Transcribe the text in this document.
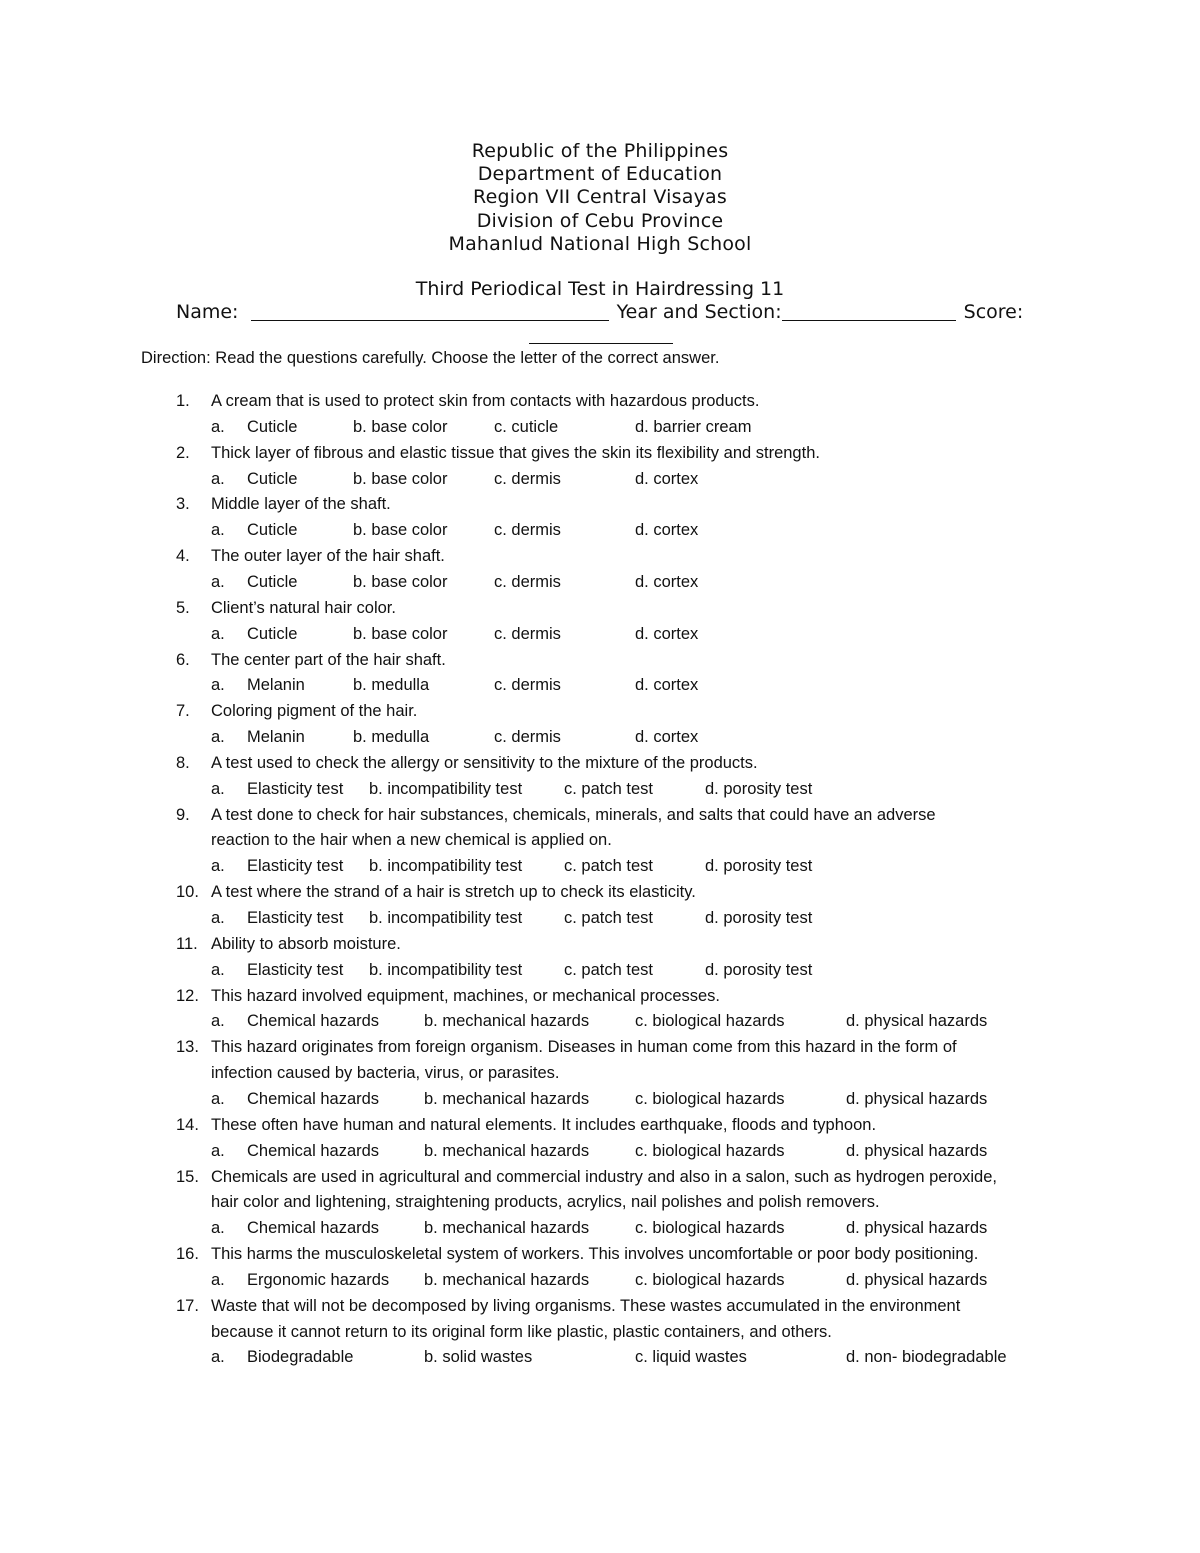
Republic of the Philippines
Department of Education
Region VII Central Visayas
Division of Cebu Province
Mahanlud National High School
Third Periodical Test in Hairdressing 11
Name:	Year and Section:	Score:
Direction: Read the questions carefully. Choose the letter of the correct answer.
1. A cream that is used to protect skin from contacts with hazardous products.
a. Cuticle	b. base color	c. cuticle	d. barrier cream
2. Thick layer of fibrous and elastic tissue that gives the skin its flexibility and strength.
a. Cuticle	b. base color	c. dermis	d. cortex
3. Middle layer of the shaft.
a. Cuticle	b. base color	c. dermis	d. cortex
4. The outer layer of the hair shaft.
a. Cuticle	b. base color	c. dermis	d. cortex
5. Client’s natural hair color.
a. Cuticle	b. base color	c. dermis	d. cortex
6. The center part of the hair shaft.
a. Melanin	b. medulla	c. dermis	d. cortex
7. Coloring pigment of the hair.
a. Melanin	b. medulla	c. dermis	d. cortex
8. A test used to check the allergy or sensitivity to the mixture of the products.
a. Elasticity test b. incompatibility test	c. patch test	d. porosity test
9. A test done to check for hair substances, chemicals, minerals, and salts that could have an adverse
reaction to the hair when a new chemical is applied on.
a. Elasticity test b. incompatibility test	c. patch test	d. porosity test
10. A test where the strand of a hair is stretch up to check its elasticity.
a. Elasticity test b. incompatibility test	c. patch test	d. porosity test
11. Ability to absorb moisture.
a. Elasticity test b. incompatibility test	c. patch test	d. porosity test
12. This hazard involved equipment, machines, or mechanical processes.
a. Chemical hazards	b. mechanical hazards	c. biological hazards	d. physical hazards
13. This hazard originates from foreign organism. Diseases in human come from this hazard in the form of
infection caused by bacteria, virus, or parasites.
a. Chemical hazards	b. mechanical hazards	c. biological hazards	d. physical hazards
14. These often have human and natural elements. It includes earthquake, floods and typhoon.
a. Chemical hazards	b. mechanical hazards	c. biological hazards	d. physical hazards
15. Chemicals are used in agricultural and commercial industry and also in a salon, such as hydrogen peroxide,
hair color and lightening, straightening products, acrylics, nail polishes and polish removers.
a. Chemical hazards	b. mechanical hazards	c. biological hazards	d. physical hazards
16. This harms the musculoskeletal system of workers. This involves uncomfortable or poor body positioning.
a. Ergonomic hazards b. mechanical hazards	c. biological hazards	d. physical hazards
17. Waste that will not be decomposed by living organisms. These wastes accumulated in the environment
because it cannot return to its original form like plastic, plastic containers, and others.
a. Biodegradable	b. solid wastes	c. liquid wastes	d. non- biodegradable
